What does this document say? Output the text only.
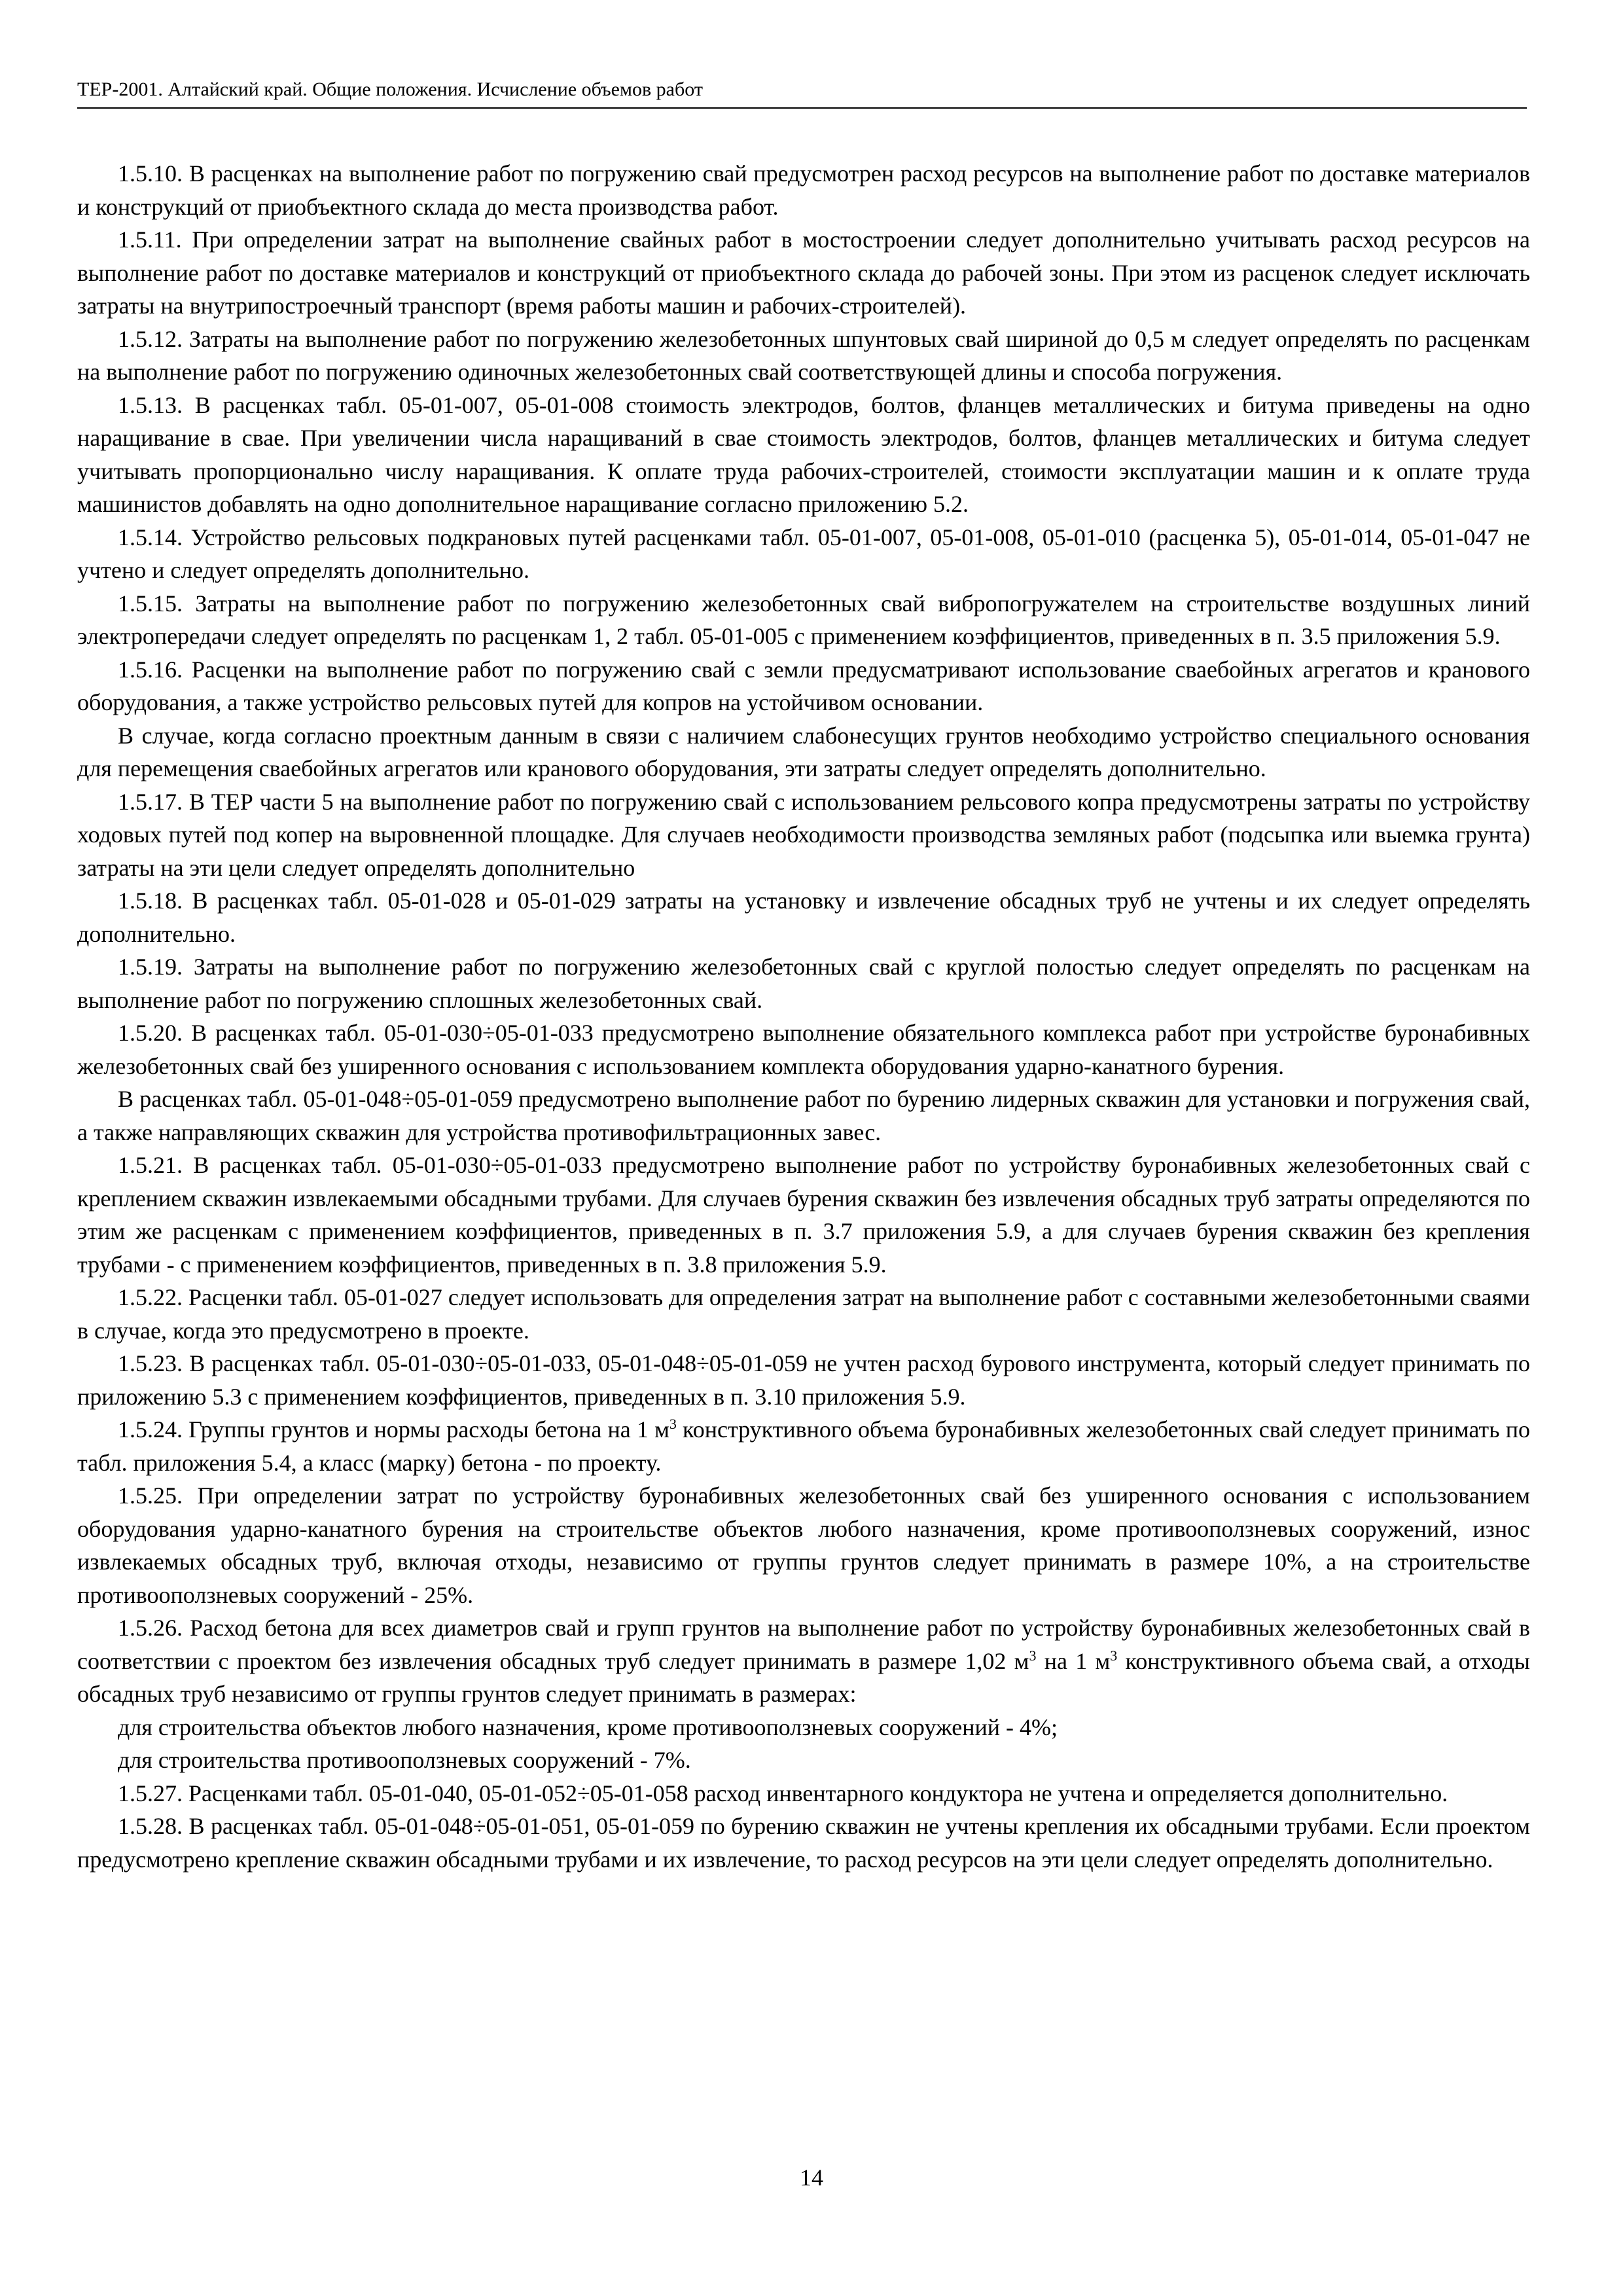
ТЕР-2001. Алтайский край. Общие положения. Исчисление объемов работ

1.5.10. В расценках на выполнение работ по погружению свай предусмотрен расход ресурсов на выполнение работ по доставке материалов и конструкций от приобъектного склада до места производства работ.

1.5.11. При определении затрат на выполнение свайных работ в мостостроении следует дополнительно учитывать расход ресурсов на выполнение работ по доставке материалов и конструкций от приобъектного склада до рабочей зоны. При этом из расценок следует исключать затраты на внутрипостроечный транспорт (время работы машин и рабочих-строителей).

1.5.12. Затраты на выполнение работ по погружению железобетонных шпунтовых свай шириной до 0,5 м следует определять по расценкам на выполнение работ по погружению одиночных железобетонных свай соответствующей длины и способа погружения.

1.5.13. В расценках табл. 05-01-007, 05-01-008 стоимость электродов, болтов, фланцев металлических и битума приведены на одно наращивание в свае. При увеличении числа наращиваний в свае стоимость электродов, болтов, фланцев металлических и битума следует учитывать пропорционально числу наращивания. К оплате труда рабочих-строителей, стоимости эксплуатации машин и к оплате труда машинистов добавлять на одно дополнительное наращивание согласно приложению 5.2.

1.5.14. Устройство рельсовых подкрановых путей расценками табл. 05-01-007, 05-01-008, 05-01-010 (расценка 5), 05-01-014, 05-01-047 не учтено и следует определять дополнительно.

1.5.15. Затраты на выполнение работ по погружению железобетонных свай вибропогружателем на строительстве воздушных линий электропередачи следует определять по расценкам 1, 2 табл. 05-01-005 с применением коэффициентов, приведенных в п. 3.5 приложения 5.9.

1.5.16. Расценки на выполнение работ по погружению свай с земли предусматривают использование сваебойных агрегатов и кранового оборудования, а также устройство рельсовых путей для копров на устойчивом основании.

В случае, когда согласно проектным данным в связи с наличием слабонесущих грунтов необходимо устройство специального основания для перемещения сваебойных агрегатов или кранового оборудования, эти затраты следует определять дополнительно.

1.5.17. В ТЕР части 5 на выполнение работ по погружению свай с использованием рельсового копра предусмотрены затраты по устройству ходовых путей под копер на выровненной площадке. Для случаев необходимости производства земляных работ (подсыпка или выемка грунта) затраты на эти цели следует определять дополнительно

1.5.18. В расценках табл. 05-01-028 и 05-01-029 затраты на установку и извлечение обсадных труб не учтены и их следует определять дополнительно.

1.5.19. Затраты на выполнение работ по погружению железобетонных свай с круглой полостью следует определять по расценкам на выполнение работ по погружению сплошных железобетонных свай.

1.5.20. В расценках табл. 05-01-030÷05-01-033 предусмотрено выполнение обязательного комплекса работ при устройстве буронабивных железобетонных свай без уширенного основания с использованием комплекта оборудования ударно-канатного бурения.

В расценках табл. 05-01-048÷05-01-059 предусмотрено выполнение работ по бурению лидерных скважин для установки и погружения свай, а также направляющих скважин для устройства противофильтрационных завес.

1.5.21. В расценках табл. 05-01-030÷05-01-033 предусмотрено выполнение работ по устройству буронабивных железобетонных свай с креплением скважин извлекаемыми обсадными трубами. Для случаев бурения скважин без извлечения обсадных труб затраты определяются по этим же расценкам с применением коэффициентов, приведенных в п. 3.7 приложения 5.9, а для случаев бурения скважин без крепления трубами - с применением коэффициентов, приведенных в п. 3.8 приложения 5.9.

1.5.22. Расценки табл. 05-01-027 следует использовать для определения затрат на выполнение работ с составными железобетонными сваями в случае, когда это предусмотрено в проекте.

1.5.23. В расценках табл. 05-01-030÷05-01-033, 05-01-048÷05-01-059 не учтен расход бурового инструмента, который следует принимать по приложению 5.3 с применением коэффициентов, приведенных в п. 3.10 приложения 5.9.

1.5.24. Группы грунтов и нормы расходы бетона на 1 $м^3$ конструктивного объема буронабивных железобетонных свай следует принимать по табл. приложения 5.4, а класс (марку) бетона - по проекту.

1.5.25. При определении затрат по устройству буронабивных железобетонных свай без уширенного основания с использованием оборудования ударно-канатного бурения на строительстве объектов любого назначения, кроме противооползневых сооружений, износ извлекаемых обсадных труб, включая отходы, независимо от группы грунтов следует принимать в размере 10%, а на строительстве противооползневых сооружений - 25%.

1.5.26. Расход бетона для всех диаметров свай и групп грунтов на выполнение работ по устройству буронабивных железобетонных свай в соответствии с проектом без извлечения обсадных труб следует принимать в размере 1,02 $м^3$ на 1 $м^3$ конструктивного объема свай, а отходы обсадных труб независимо от группы грунтов следует принимать в размерах:

для строительства объектов любого назначения, кроме противооползневых сооружений - 4%;

для строительства противооползневых сооружений - 7%.

1.5.27. Расценками табл. 05-01-040, 05-01-052÷05-01-058 расход инвентарного кондуктора не учтена и определяется дополнительно.

1.5.28. В расценках табл. 05-01-048÷05-01-051, 05-01-059 по бурению скважин не учтены крепления их обсадными трубами. Если проектом предусмотрено крепление скважин обсадными трубами и их извлечение, то расход ресурсов на эти цели следует определять дополнительно.

14
